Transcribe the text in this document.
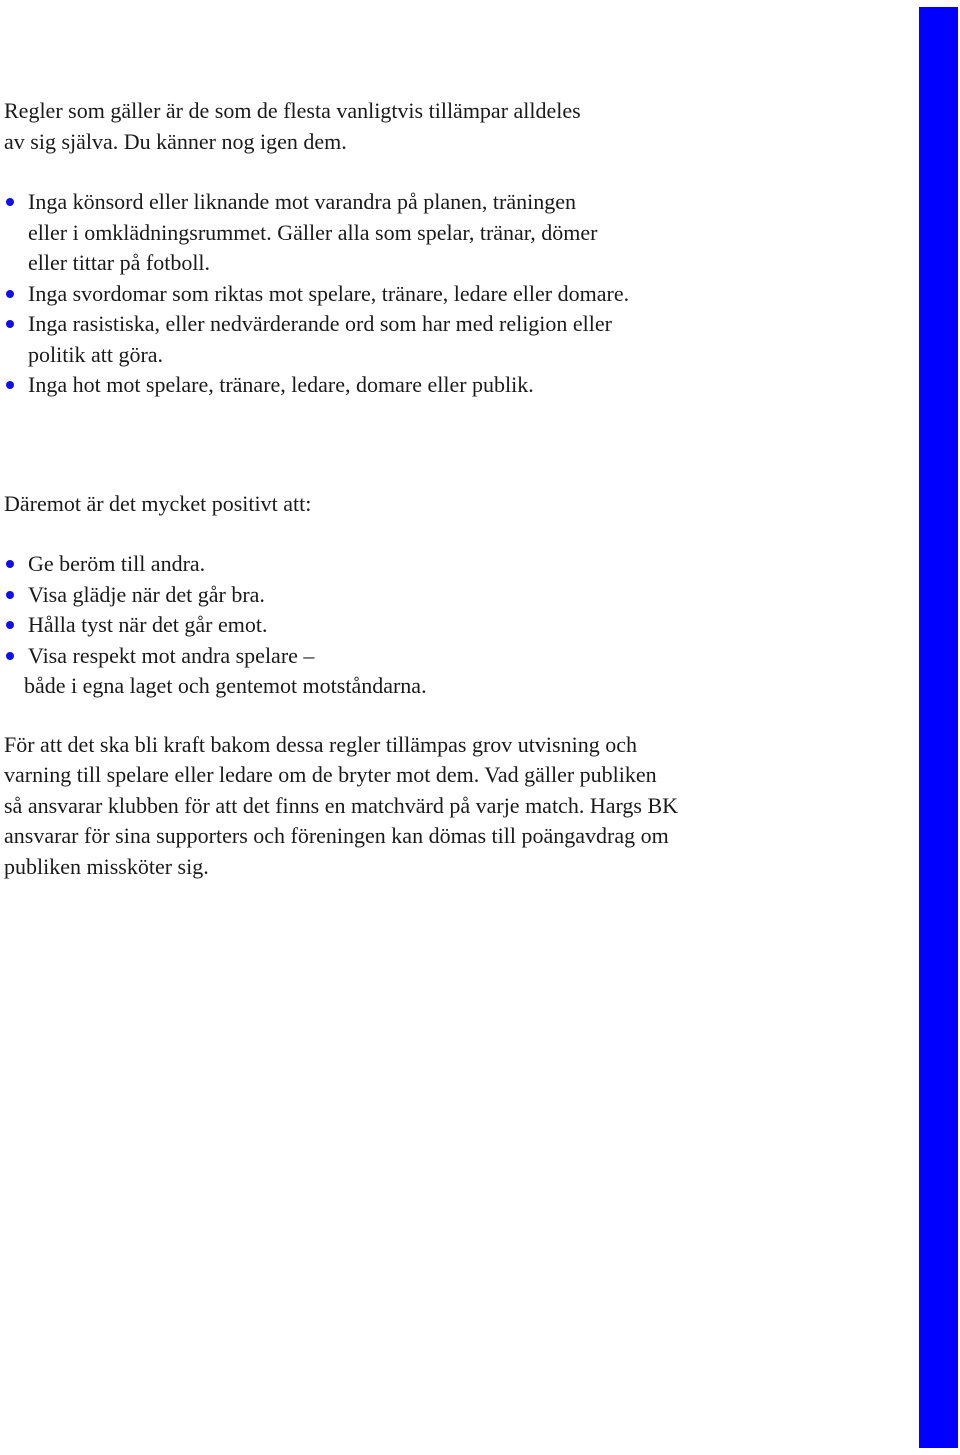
Regler som gäller är de som de flesta vanligtvis tillämpar alldeles
av sig själva. Du känner nog igen dem.

Inga könsord eller liknande mot varandra på planen, träningen
eller i omklädningsrummet. Gäller alla som spelar, tränar, dömer
eller tittar på fotboll.
Inga svordomar som riktas mot spelare, tränare, ledare eller domare.
Inga rasistiska, eller nedvärderande ord som har med religion eller
politik att göra.
Inga hot mot spelare, tränare, ledare, domare eller publik.

Däremot är det mycket positivt att:

Ge beröm till andra.
Visa glädje när det går bra.
Hålla tyst när det går emot.
Visa respekt mot andra spelare –

både i egna laget och gentemot motståndarna.

För att det ska bli kraft bakom dessa regler tillämpas grov utvisning och
varning till spelare eller ledare om de bryter mot dem. Vad gäller publiken
så ansvarar klubben för att det finns en matchvärd på varje match. Hargs BK
ansvarar för sina supporters och föreningen kan dömas till poängavdrag om
publiken missköter sig.
